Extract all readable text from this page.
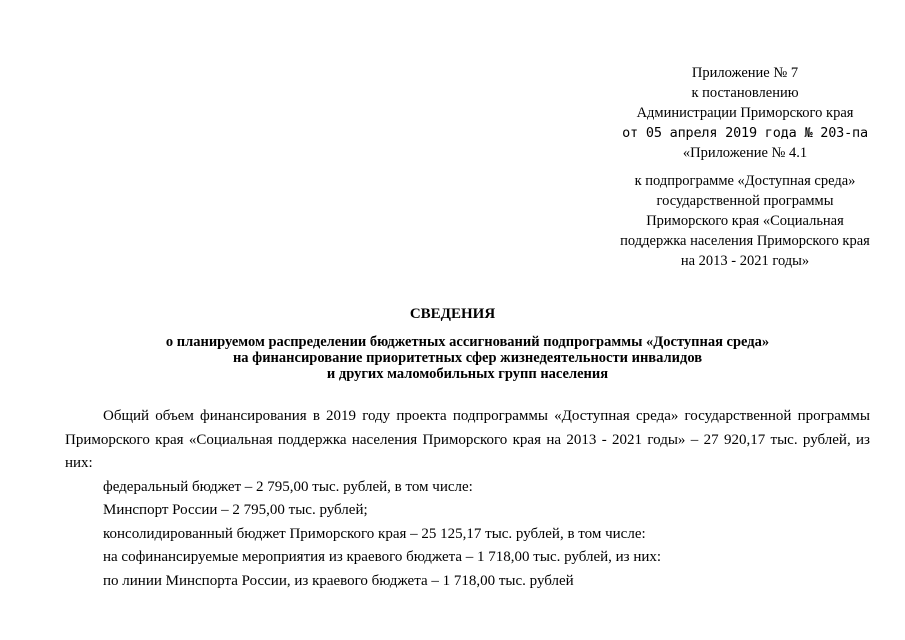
Приложение № 7
к постановлению
Администрации Приморского края
от 05 апреля 2019 года № 203-па
«Приложение № 4.1
к подпрограмме «Доступная среда»
государственной программы
Приморского края «Социальная
поддержка населения Приморского края
на 2013 - 2021 годы»
СВЕДЕНИЯ
о планируемом распределении бюджетных ассигнований подпрограммы «Доступная среда»
на финансирование приоритетных сфер жизнедеятельности инвалидов
и других маломобильных групп населения

Общий объем финансирования в 2019 году проекта подпрограммы «Доступная среда» государственной программы Приморского края «Социальная поддержка населения Приморского края на 2013 - 2021 годы» – 27 920,17 тыс. рублей, из них:

федеральный бюджет – 2 795,00 тыс. рублей, в том числе:

Минспорт России – 2 795,00 тыс. рублей;

консолидированный бюджет Приморского края – 25 125,17 тыс. рублей, в том числе:

на софинансируемые мероприятия из краевого бюджета – 1 718,00 тыс. рублей, из них:

по линии Минспорта России, из краевого бюджета – 1 718,00 тыс. рублей
